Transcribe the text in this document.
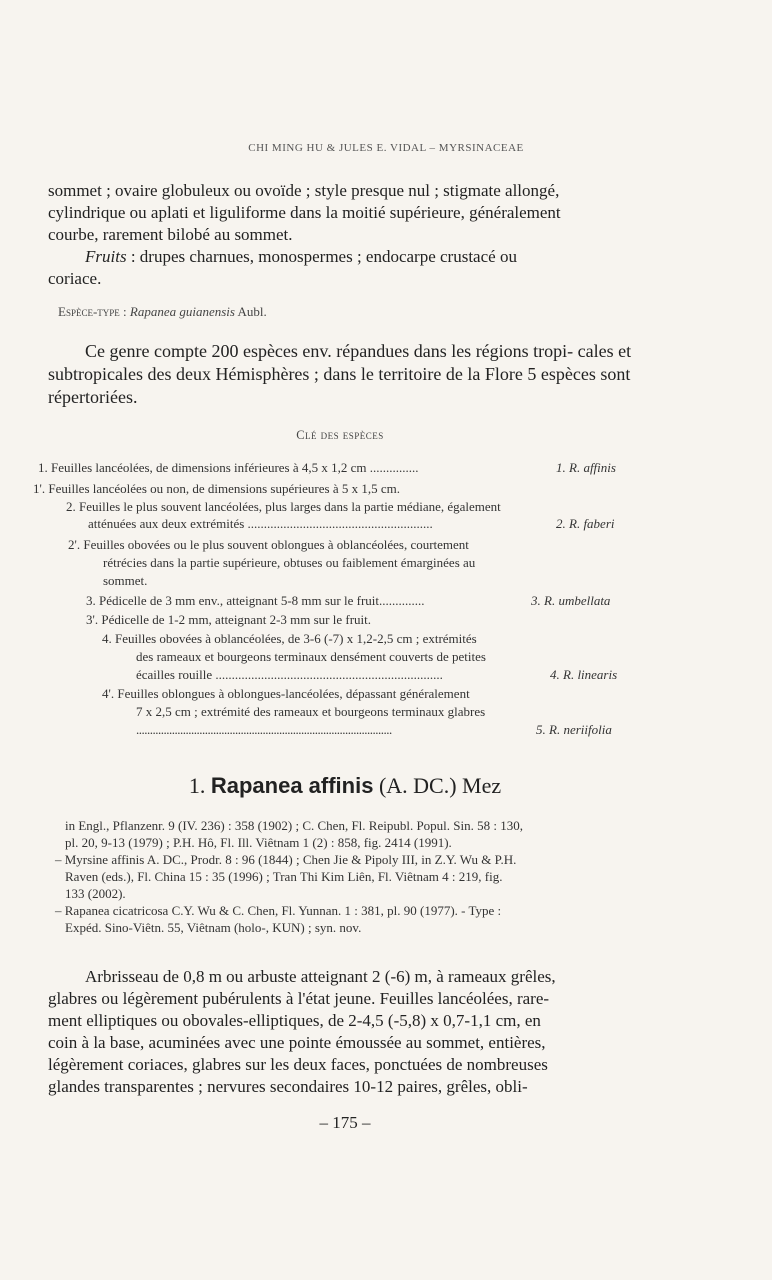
CHI MING HU & JULES E. VIDAL – MYRSINACEAE

sommet ; ovaire globuleux ou ovoïde ; style presque nul ; stigmate allongé,

cylindrique ou aplati et liguliforme dans la moitié supérieure, généralement

courbe, rarement bilobé au sommet.

Fruits : drupes charnues, monospermes ; endocarpe crustacé ou

coriace.

Espèce-type : Rapanea guianensis Aubl.
Ce genre compte 200 espèces env. répandues dans les régions tropi- cales et subtropicales des deux Hémisphères ; dans le territoire de la Flore 5 espèces sont répertoriées.
Clé des espèces
1. Feuilles lancéolées, de dimensions inférieures à 4,5 x 1,2 cm ...............	1. R. affinis
1'. Feuilles lancéolées ou non, de dimensions supérieures à 5 x 1,5 cm.
2. Feuilles le plus souvent lancéolées, plus larges dans la partie médiane, également
atténuées aux deux extrémités .........................................................	2. R. faberi
2'. Feuilles obovées ou le plus souvent oblongues à oblancéolées, courtement
rétrécies dans la partie supérieure, obtuses ou faiblement émarginées au
sommet.
3. Pédicelle de 3 mm env., atteignant 5-8 mm sur le fruit..............	3. R. umbellata
3'. Pédicelle de 1-2 mm, atteignant 2-3 mm sur le fruit.
4. Feuilles obovées à oblancéolées, de 3-6 (-7) x 1,2-2,5 cm ; extrémités
des rameaux et bourgeons terminaux densément couverts de petites
écailles rouille ......................................................................	4. R. linearis
4'. Feuilles oblongues à oblongues-lancéolées, dépassant généralement
7 x 2,5 cm ; extrémité des rameaux et bourgeons terminaux glabres
.............................................................................................	5. R. neriifolia
1. Rapanea affinis (A. DC.) Mez

in Engl., Pflanzenr. 9 (IV. 236) : 358 (1902) ; C. Chen, Fl. Reipubl. Popul. Sin. 58 : 130,

pl. 20, 9-13 (1979) ; P.H. Hô, Fl. Ill. Viêtnam 1 (2) : 858, fig. 2414 (1991).

– Myrsine affinis A. DC., Prodr. 8 : 96 (1844) ; Chen Jie & Pipoly III, in Z.Y. Wu & P.H.

Raven (eds.), Fl. China 15 : 35 (1996) ; Tran Thi Kim Liên, Fl. Viêtnam 4 : 219, fig.

133 (2002).

– Rapanea cicatricosa C.Y. Wu & C. Chen, Fl. Yunnan. 1 : 381, pl. 90 (1977). - Type :

Expéd. Sino-Viêtn. 55, Viêtnam (holo-, KUN) ; syn. nov.

Arbrisseau de 0,8 m ou arbuste atteignant 2 (-6) m, à rameaux grêles,

glabres ou légèrement pubérulents à l'état jeune. Feuilles lancéolées, rare-

ment elliptiques ou obovales-elliptiques, de 2-4,5 (-5,8) x 0,7-1,1 cm, en

coin à la base, acuminées avec une pointe émoussée au sommet, entières,

légèrement coriaces, glabres sur les deux faces, ponctuées de nombreuses

glandes transparentes ; nervures secondaires 10-12 paires, grêles, obli-

– 175 –
